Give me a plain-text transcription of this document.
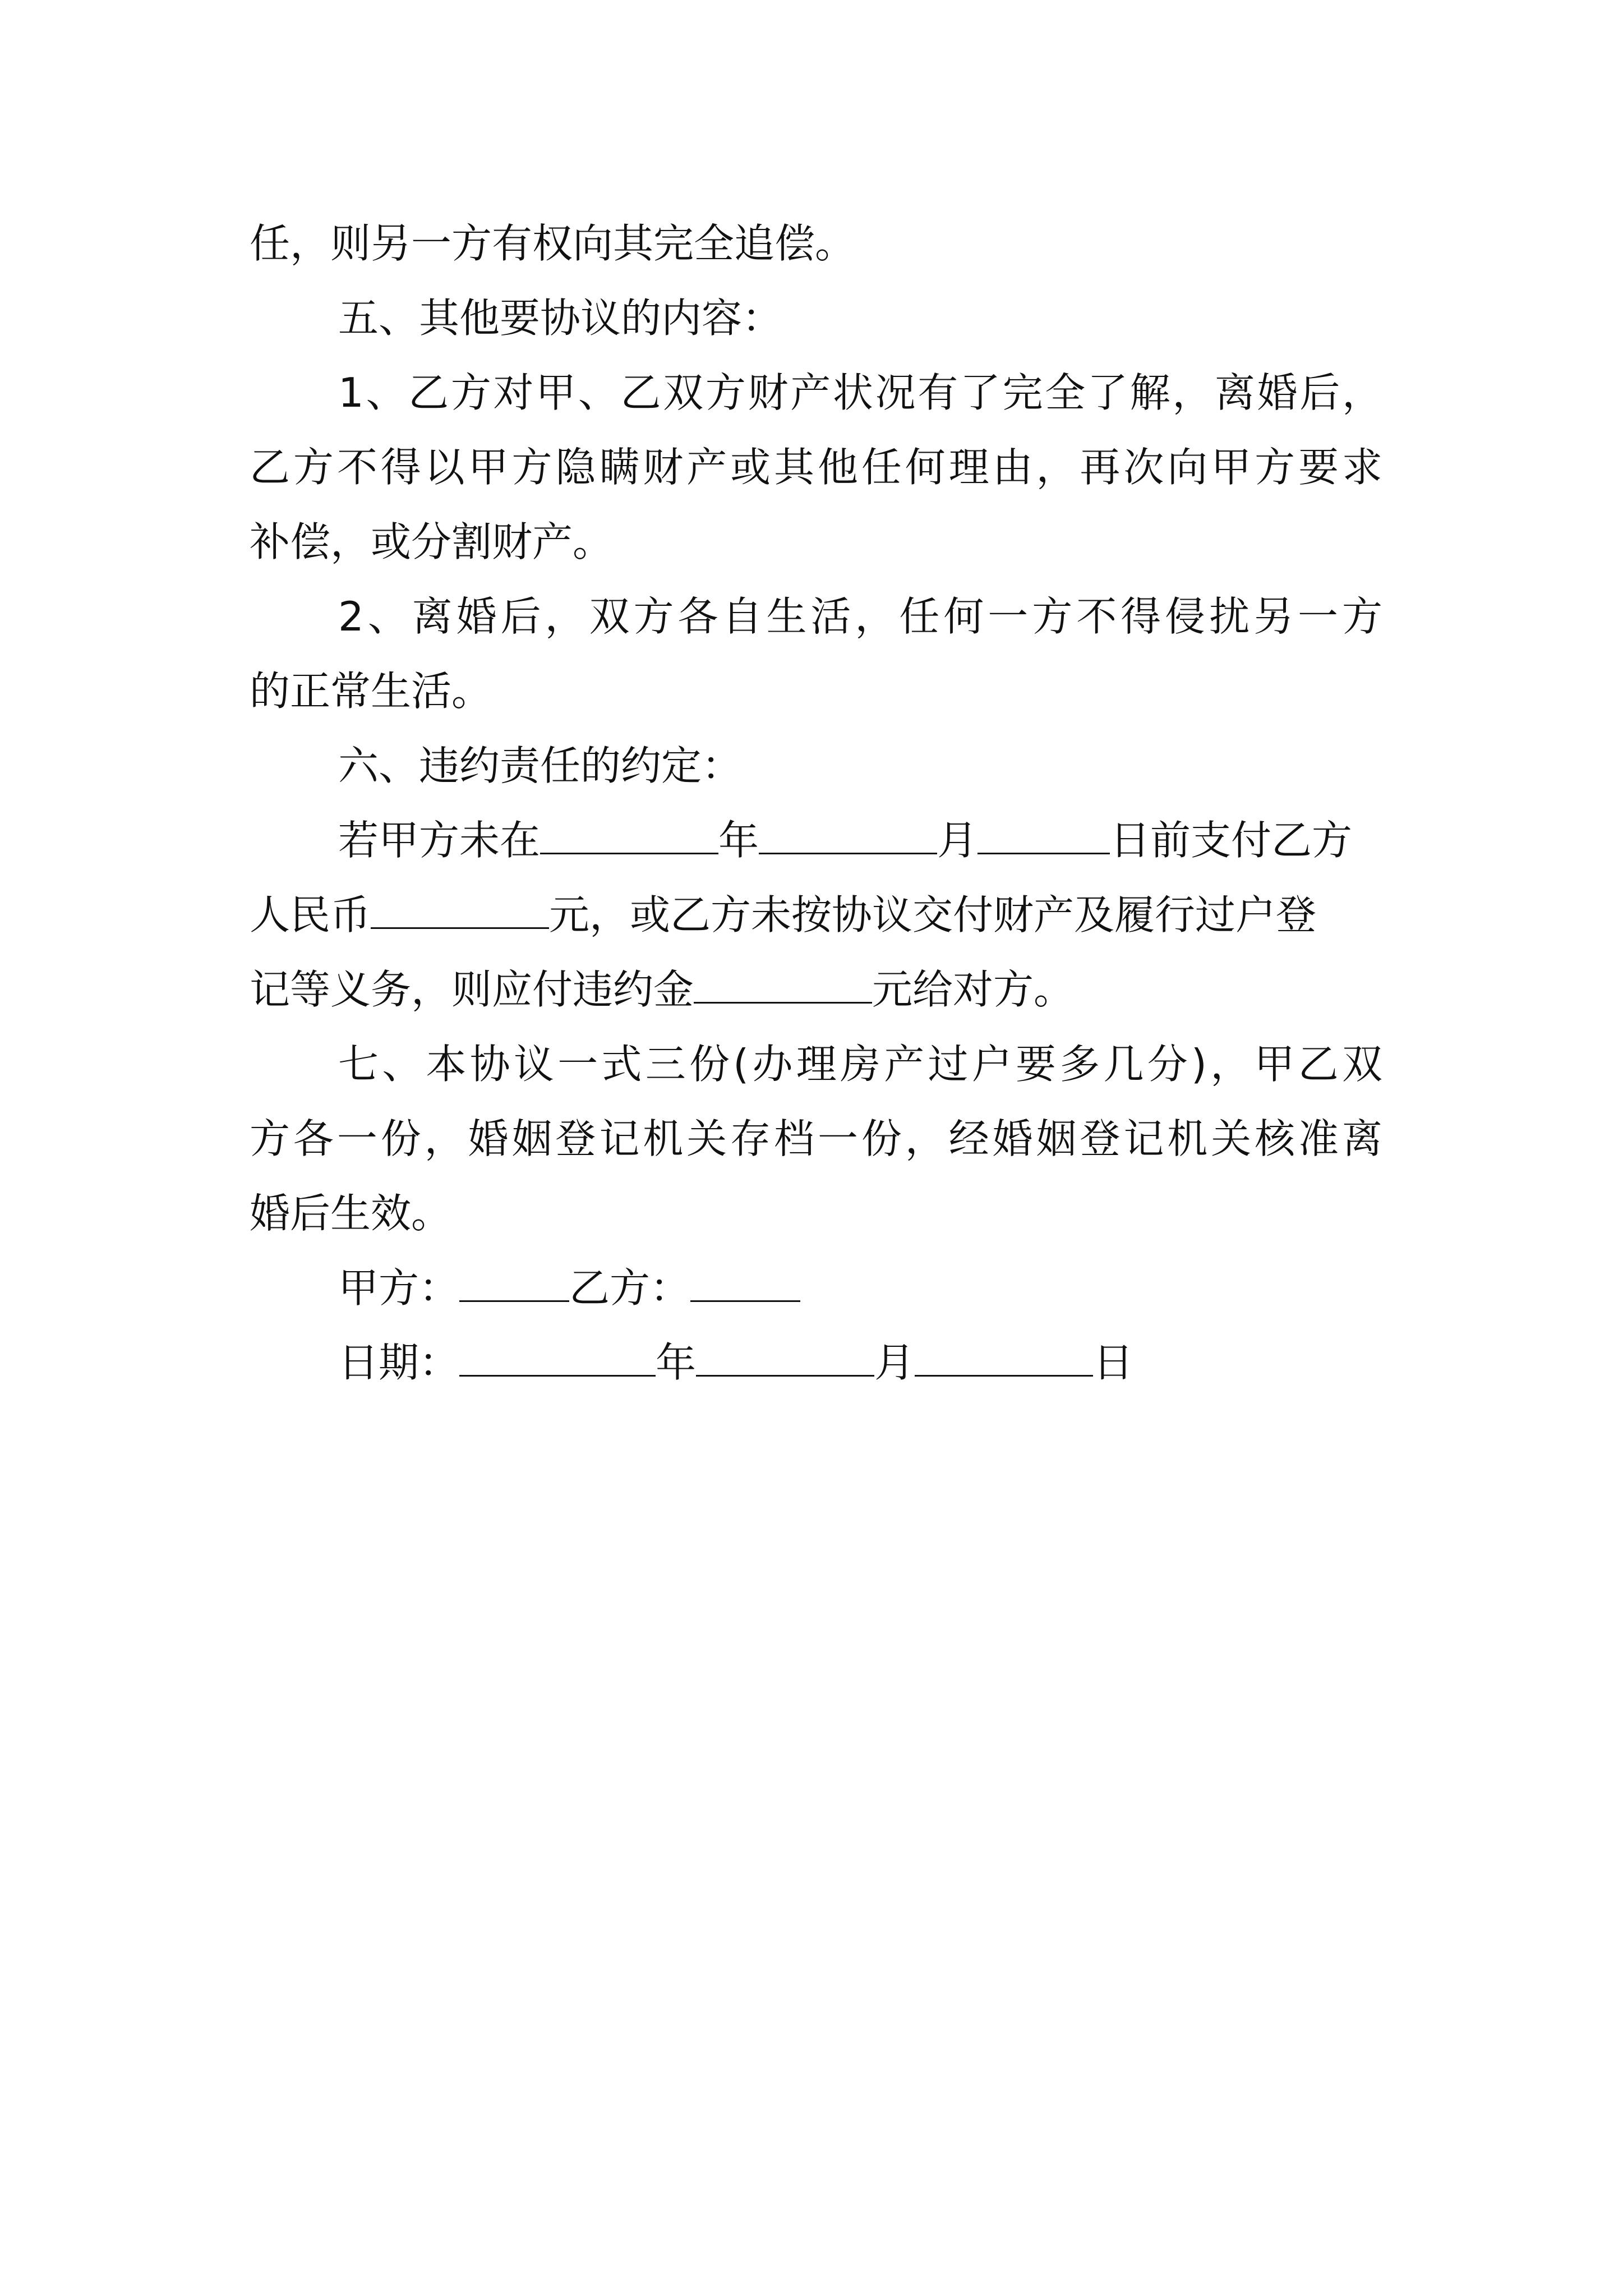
任，则另一方有权向其完全追偿。
五、其他要协议的内容：
1、乙方对甲、乙双方财产状况有了完全了解，离婚后，
乙方不得以甲方隐瞒财产或其他任何理由，再次向甲方要求
补偿，或分割财产。
2、离婚后，双方各自生活，任何一方不得侵扰另一方
的正常生活。
六、违约责任的约定：
若甲方未在	年	月	日前支付乙方
人民币	元，或乙方未按协议交付财产及履行过户登
记等义务，则应付违约金	元给对方。
七、本协议一式三份(办理房产过户要多几分)，甲乙双
方各一份，婚姻登记机关存档一份，经婚姻登记机关核准离
婚后生效。
甲方：	乙方：
日期：	年	月	日
